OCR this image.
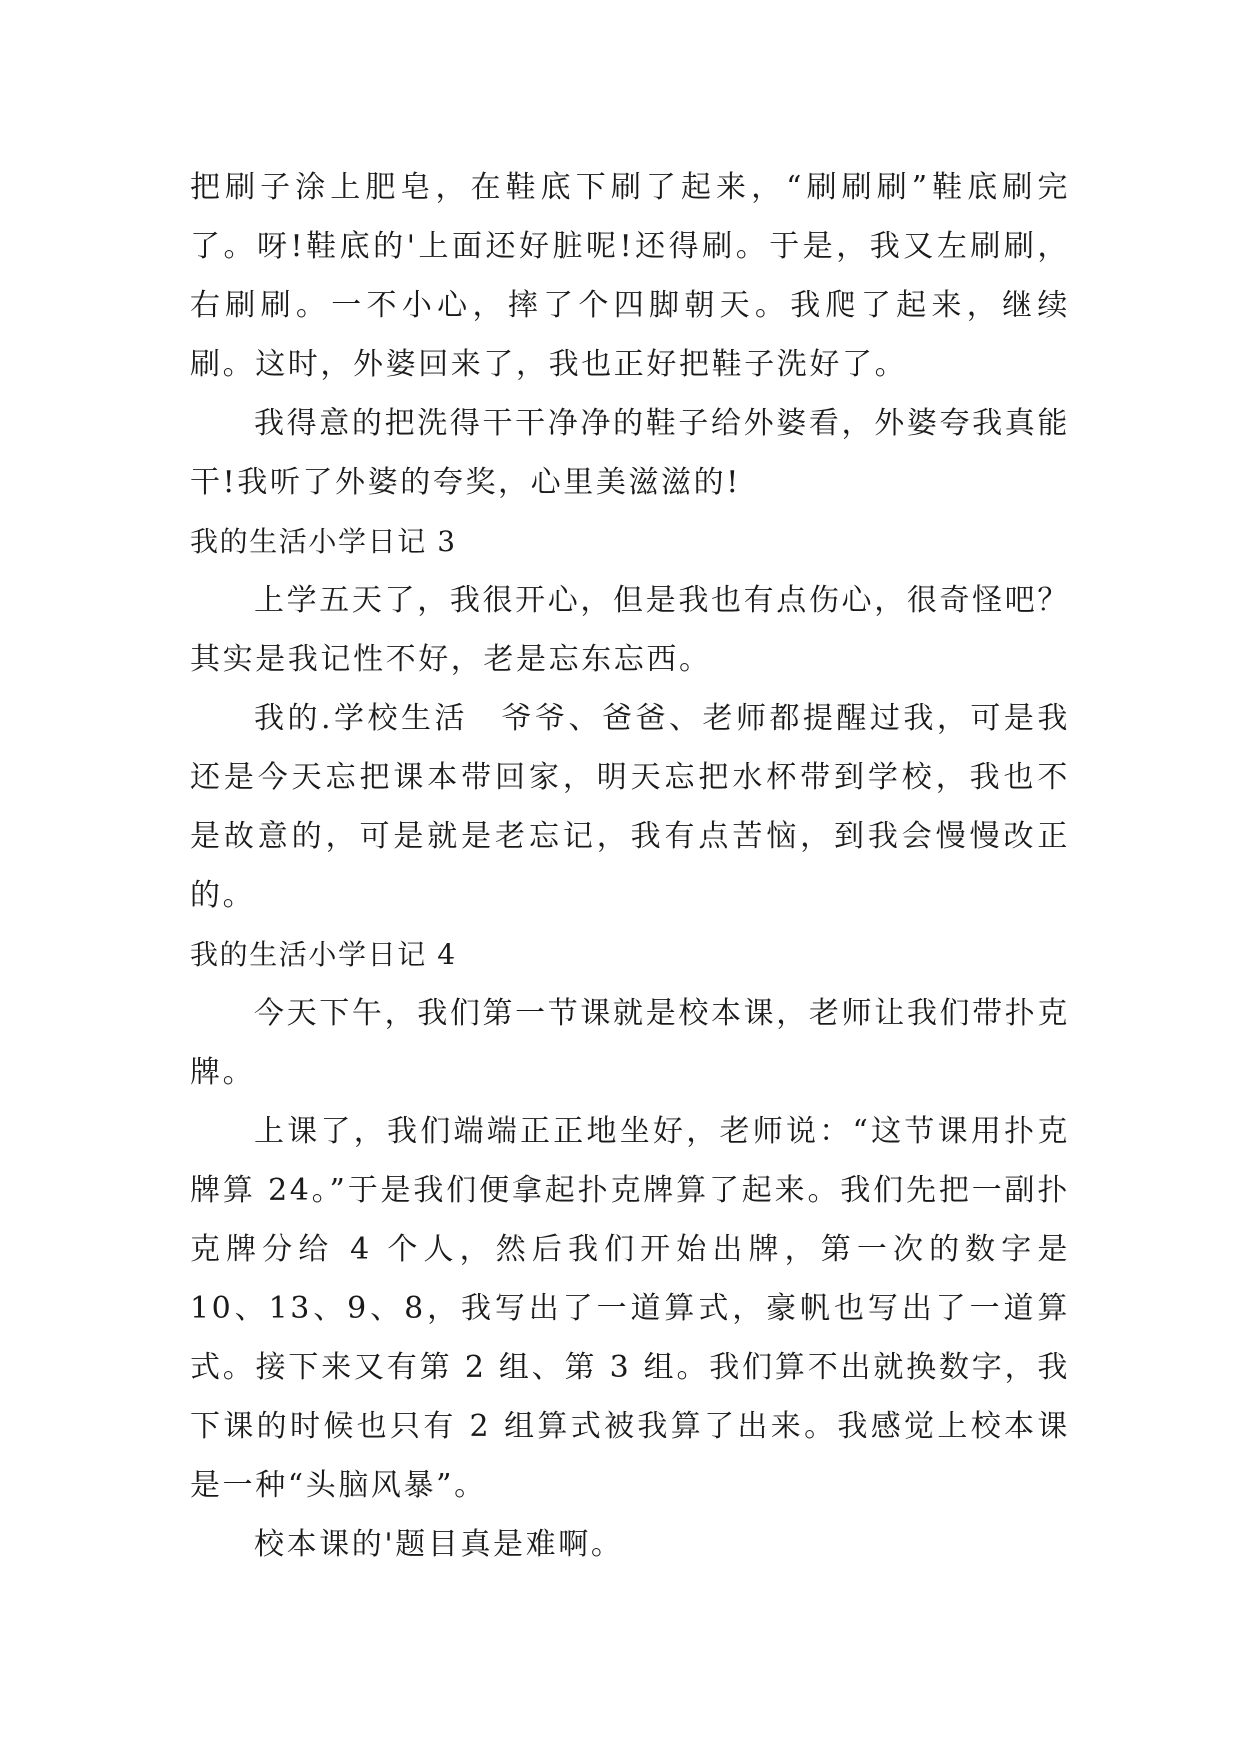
把刷子涂上肥皂，在鞋底下刷了起来，“刷刷刷”鞋底刷完了。呀!鞋底的'上面还好脏呢!还得刷。于是，我又左刷刷，右刷刷。一不小心，摔了个四脚朝天。我爬了起来，继续刷。这时，外婆回来了，我也正好把鞋子洗好了。

我得意的把洗得干干净净的鞋子给外婆看，外婆夸我真能干!我听了外婆的夸奖，心里美滋滋的!

我的生活小学日记 3

上学五天了，我很开心，但是我也有点伤心，很奇怪吧？其实是我记性不好，老是忘东忘西。

我的.学校生活　爷爷、爸爸、老师都提醒过我，可是我还是今天忘把课本带回家，明天忘把水杯带到学校，我也不是故意的，可是就是老忘记，我有点苦恼，到我会慢慢改正的。

我的生活小学日记 4

今天下午，我们第一节课就是校本课，老师让我们带扑克牌。

上课了，我们端端正正地坐好，老师说：“这节课用扑克牌算 24。”于是我们便拿起扑克牌算了起来。我们先把一副扑克牌分给 4 个人，然后我们开始出牌，第一次的数字是 10、13、9、8，我写出了一道算式，豪帆也写出了一道算式。接下来又有第 2 组、第 3 组。我们算不出就换数字，我下课的时候也只有 2 组算式被我算了出来。我感觉上校本课是一种“头脑风暴”。

校本课的'题目真是难啊。
